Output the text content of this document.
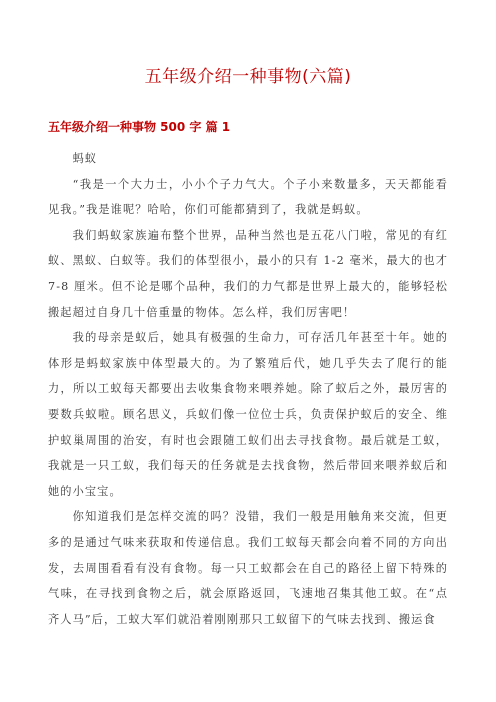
五年级介绍一种事物(六篇)
五年级介绍一种事物 500 字 篇 1

蚂蚁

“我是一个大力士，小小个子力气大。个子小来数量多，天天都能看见我。”我是谁呢？哈哈，你们可能都猜到了，我就是蚂蚁。

我们蚂蚁家族遍布整个世界，品种当然也是五花八门啦，常见的有红蚁、黑蚁、白蚁等。我们的体型很小，最小的只有 1-2 毫米，最大的也才 7-8 厘米。但不论是哪个品种，我们的力气都是世界上最大的，能够轻松搬起超过自身几十倍重量的物体。怎么样，我们厉害吧！

我的母亲是蚁后，她具有极强的生命力，可存活几年甚至十年。她的体形是蚂蚁家族中体型最大的。为了繁殖后代，她几乎失去了爬行的能力，所以工蚁每天都要出去收集食物来喂养她。除了蚁后之外，最厉害的要数兵蚁啦。顾名思义，兵蚁们像一位位士兵，负责保护蚁后的安全、维护蚁巢周围的治安，有时也会跟随工蚁们出去寻找食物。最后就是工蚁，我就是一只工蚁，我们每天的任务就是去找食物，然后带回来喂养蚁后和她的小宝宝。

你知道我们是怎样交流的吗？没错，我们一般是用触角来交流，但更多的是通过气味来获取和传递信息。我们工蚁每天都会向着不同的方向出发，去周围看看有没有食物。每一只工蚁都会在自己的路径上留下特殊的气味，在寻找到食物之后，就会原路返回，飞速地召集其他工蚁。在“点齐人马”后，工蚁大军们就沿着刚刚那只工蚁留下的气味去找到、搬运食
